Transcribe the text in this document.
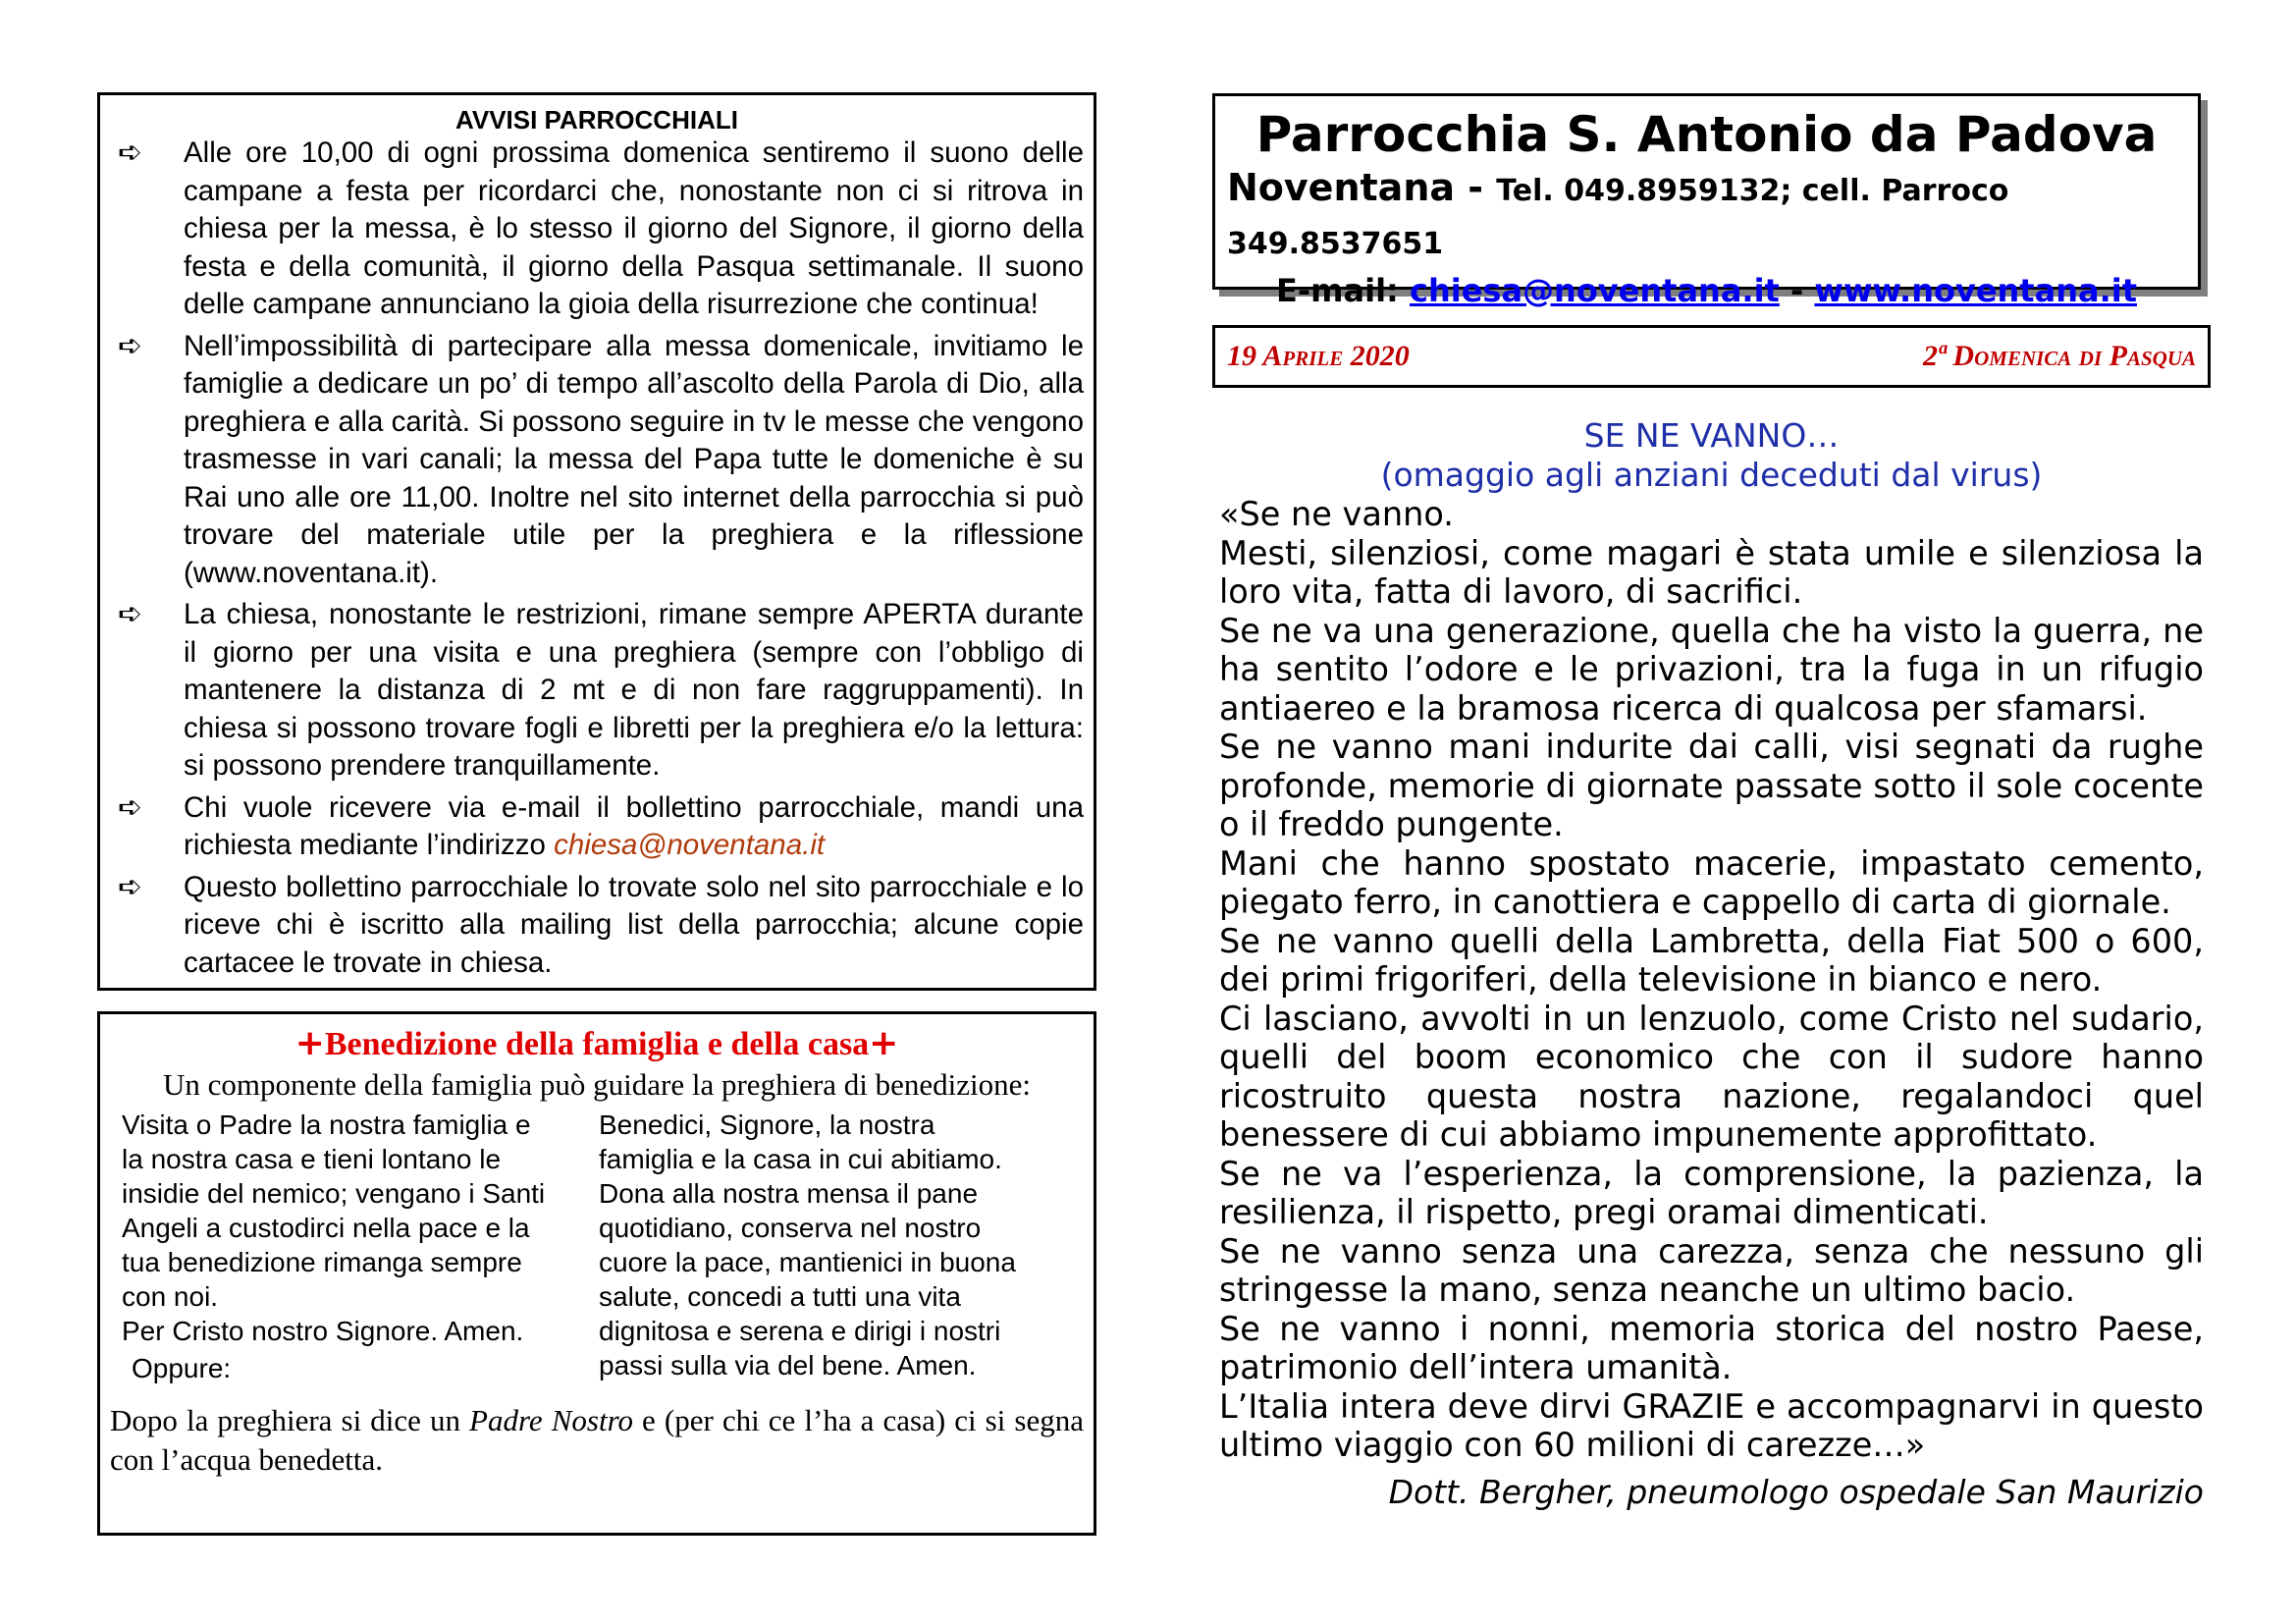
AVVISI PARROCCHIALI
➪ Alle ore 10,00 di ogni prossima domenica sentiremo il suono delle campane a festa per ricordarci che, nonostante non ci si ritrova in chiesa per la messa, è lo stesso il giorno del Signore, il giorno della festa e della comunità, il giorno della Pasqua settimanale. Il suono delle campane annunciano la gioia della risurrezione che continua!
➪ Nell’impossibilità di partecipare alla messa domenicale, invitiamo le famiglie a dedicare un po’ di tempo all’ascolto della Parola di Dio, alla preghiera e alla carità. Si possono seguire in tv le messe che vengono trasmesse in vari canali; la messa del Papa tutte le domeniche è su Rai uno alle ore 11,00. Inoltre nel sito internet della parrocchia si può trovare del materiale utile per la preghiera e la riflessione (www.noventana.it).
➪ La chiesa, nonostante le restrizioni, rimane sempre APERTA durante il giorno per una visita e una preghiera (sempre con l’obbligo di mantenere la distanza di 2 mt e di non fare raggruppamenti). In chiesa si possono trovare fogli e libretti per la preghiera e/o la lettura: si possono prendere tranquillamente.
➪ Chi vuole ricevere via e-mail il bollettino parrocchiale, mandi una richiesta mediante l’indirizzo chiesa@noventana.it
➪ Questo bollettino parrocchiale lo trovate solo nel sito parrocchiale e lo riceve chi è iscritto alla mailing list della parrocchia; alcune copie cartacee le trovate in chiesa.
+Benedizione della famiglia e della casa+
Un componente della famiglia può guidare la preghiera di benedizione:
Visita o Padre la nostra famiglia e
la nostra casa e tieni lontano le
insidie del nemico; vengano i Santi
Angeli a custodirci nella pace e la
tua benedizione rimanga sempre
con noi.
Per Cristo nostro Signore. Amen.
Benedici, Signore, la nostra
famiglia e la casa in cui abitiamo.
Dona alla nostra mensa il pane
quotidiano, conserva nel nostro
cuore la pace, mantienici in buona
salute, concedi a tutti una vita
dignitosa e serena e dirigi i nostri
passi sulla via del bene. Amen.
Oppure:
Dopo la preghiera si dice un Padre Nostro e (per chi ce l’ha a casa) ci si segna con l’acqua benedetta.
Parrocchia S. Antonio da Padova
Noventana - Tel. 049.8959132; cell. Parroco 349.8537651
E-mail: chiesa@noventana.it - www.noventana.it
19 Aprile 2020	2ª Domenica di Pasqua
SE NE VANNO…
(omaggio agli anziani deceduti dal virus)

«Se ne vanno.

Mesti, silenziosi, come magari è stata umile e silenziosa la loro vita, fatta di lavoro, di sacrifici.

Se ne va una generazione, quella che ha visto la guerra, ne ha sentito l’odore e le privazioni, tra la fuga in un rifugio antiaereo e la bramosa ricerca di qualcosa per sfamarsi.

Se ne vanno mani indurite dai calli, visi segnati da rughe profonde, memorie di giornate passate sotto il sole cocente o il freddo pungente.

Mani che hanno spostato macerie, impastato cemento, piegato ferro, in canottiera e cappello di carta di giornale.

Se ne vanno quelli della Lambretta, della Fiat 500 o 600, dei primi frigoriferi, della televisione in bianco e nero.

Ci lasciano, avvolti in un lenzuolo, come Cristo nel sudario, quelli del boom economico che con il sudore hanno ricostruito questa nostra nazione, regalandoci quel benessere di cui abbiamo impunemente approfittato.

Se ne va l’esperienza, la comprensione, la pazienza, la resilienza, il rispetto, pregi oramai dimenticati.

Se ne vanno senza una carezza, senza che nessuno gli stringesse la mano, senza neanche un ultimo bacio.

Se ne vanno i nonni, memoria storica del nostro Paese, patrimonio dell’intera umanità.

L’Italia intera deve dirvi GRAZIE e accompagnarvi in questo ultimo viaggio con 60 milioni di carezze…»

Dott. Bergher, pneumologo ospedale San Maurizio
